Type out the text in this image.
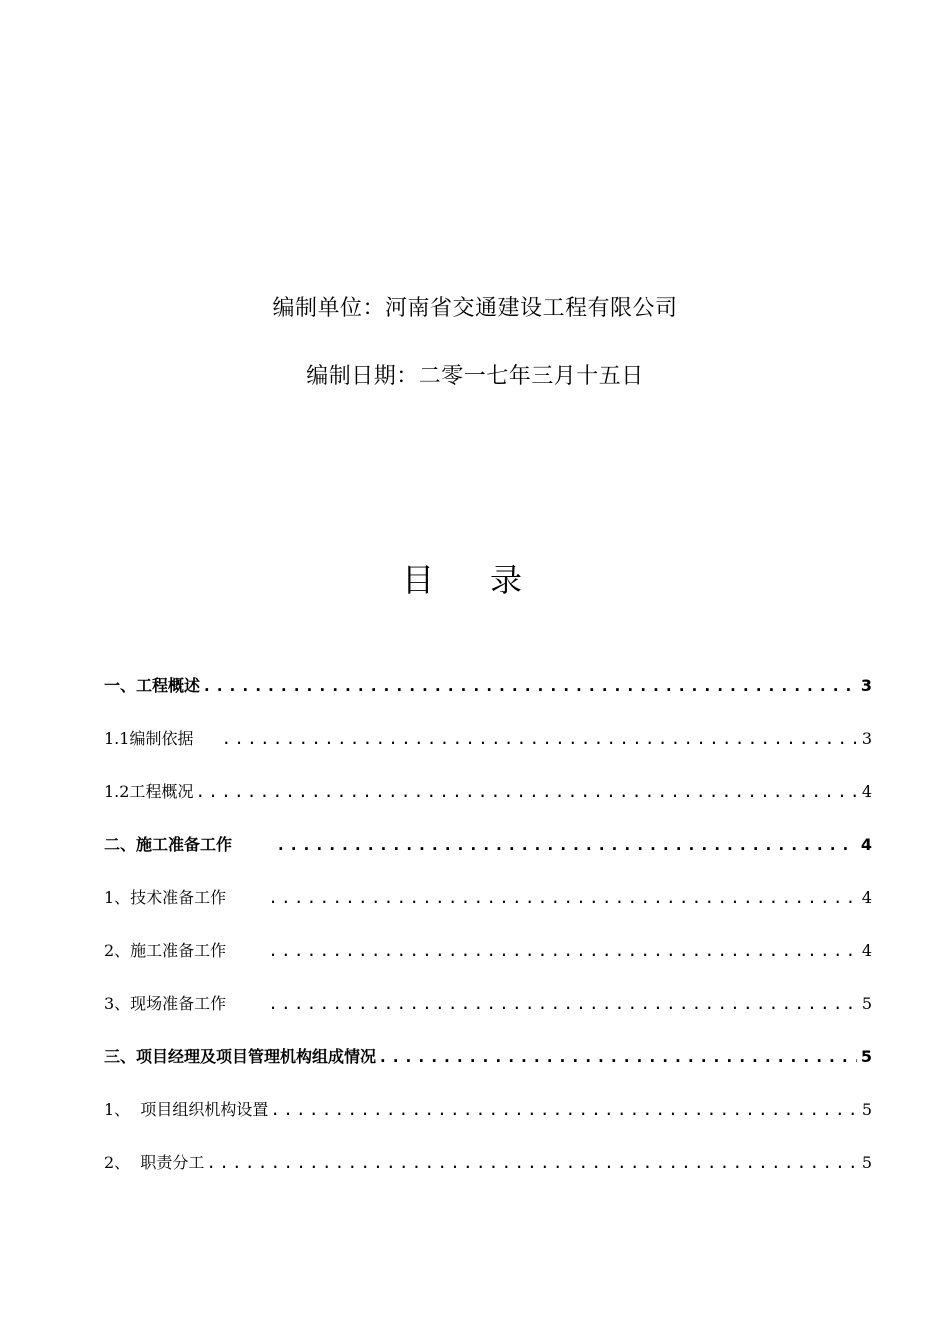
编制单位：河南省交通建设工程有限公司
编制日期：二零一七年三月十五日
目录
一、工程概述 .....	3
1.1编制依据 .....	3
1.2工程概况 .....	4
二、施工准备工作 .....	4
1、技术准备工作 .....	4
2、施工准备工作 .....	4
3、现场准备工作 .....	5
三、项目经理及项目管理机构组成情况 .....	5
1、  项目组织机构设置 .....	5
2、  职责分工 .....	5
